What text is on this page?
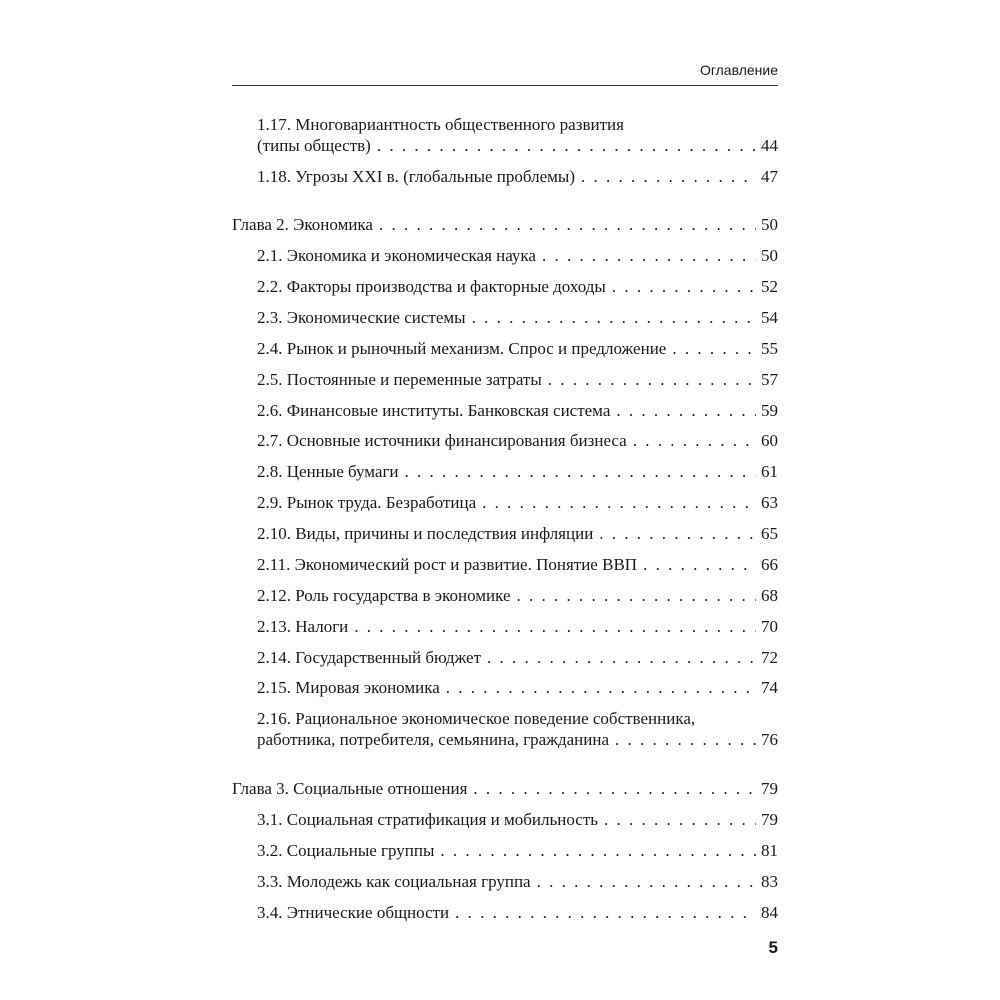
Оглавление
1.17. Многовариантность общественного развития
(типы обществ) . . .	44
1.18. Угрозы XXI в. (глобальные проблемы) . . .	47
Глава 2. Экономика . . .	50
2.1. Экономика и экономическая наука . . .	50
2.2. Факторы производства и факторные доходы . . .	52
2.3. Экономические системы . . .	54
2.4. Рынок и рыночный механизм. Спрос и предложение . . .	55
2.5. Постоянные и переменные затраты . . .	57
2.6. Финансовые институты. Банковская система . . .	59
2.7. Основные источники финансирования бизнеса . . .	60
2.8. Ценные бумаги . . .	61
2.9. Рынок труда. Безработица . . .	63
2.10. Виды, причины и последствия инфляции . . .	65
2.11. Экономический рост и развитие. Понятие ВВП . . .	66
2.12. Роль государства в экономике . . .	68
2.13. Налоги . . .	70
2.14. Государственный бюджет . . .	72
2.15. Мировая экономика . . .	74
2.16. Рациональное экономическое поведение собственника,
работника, потребителя, семьянина, гражданина . . .	76
Глава 3. Социальные отношения . . .	79
3.1. Социальная стратификация и мобильность . . .	79
3.2. Социальные группы . . .	81
3.3. Молодежь как социальная группа . . .	83
3.4. Этнические общности . . .	84
5
